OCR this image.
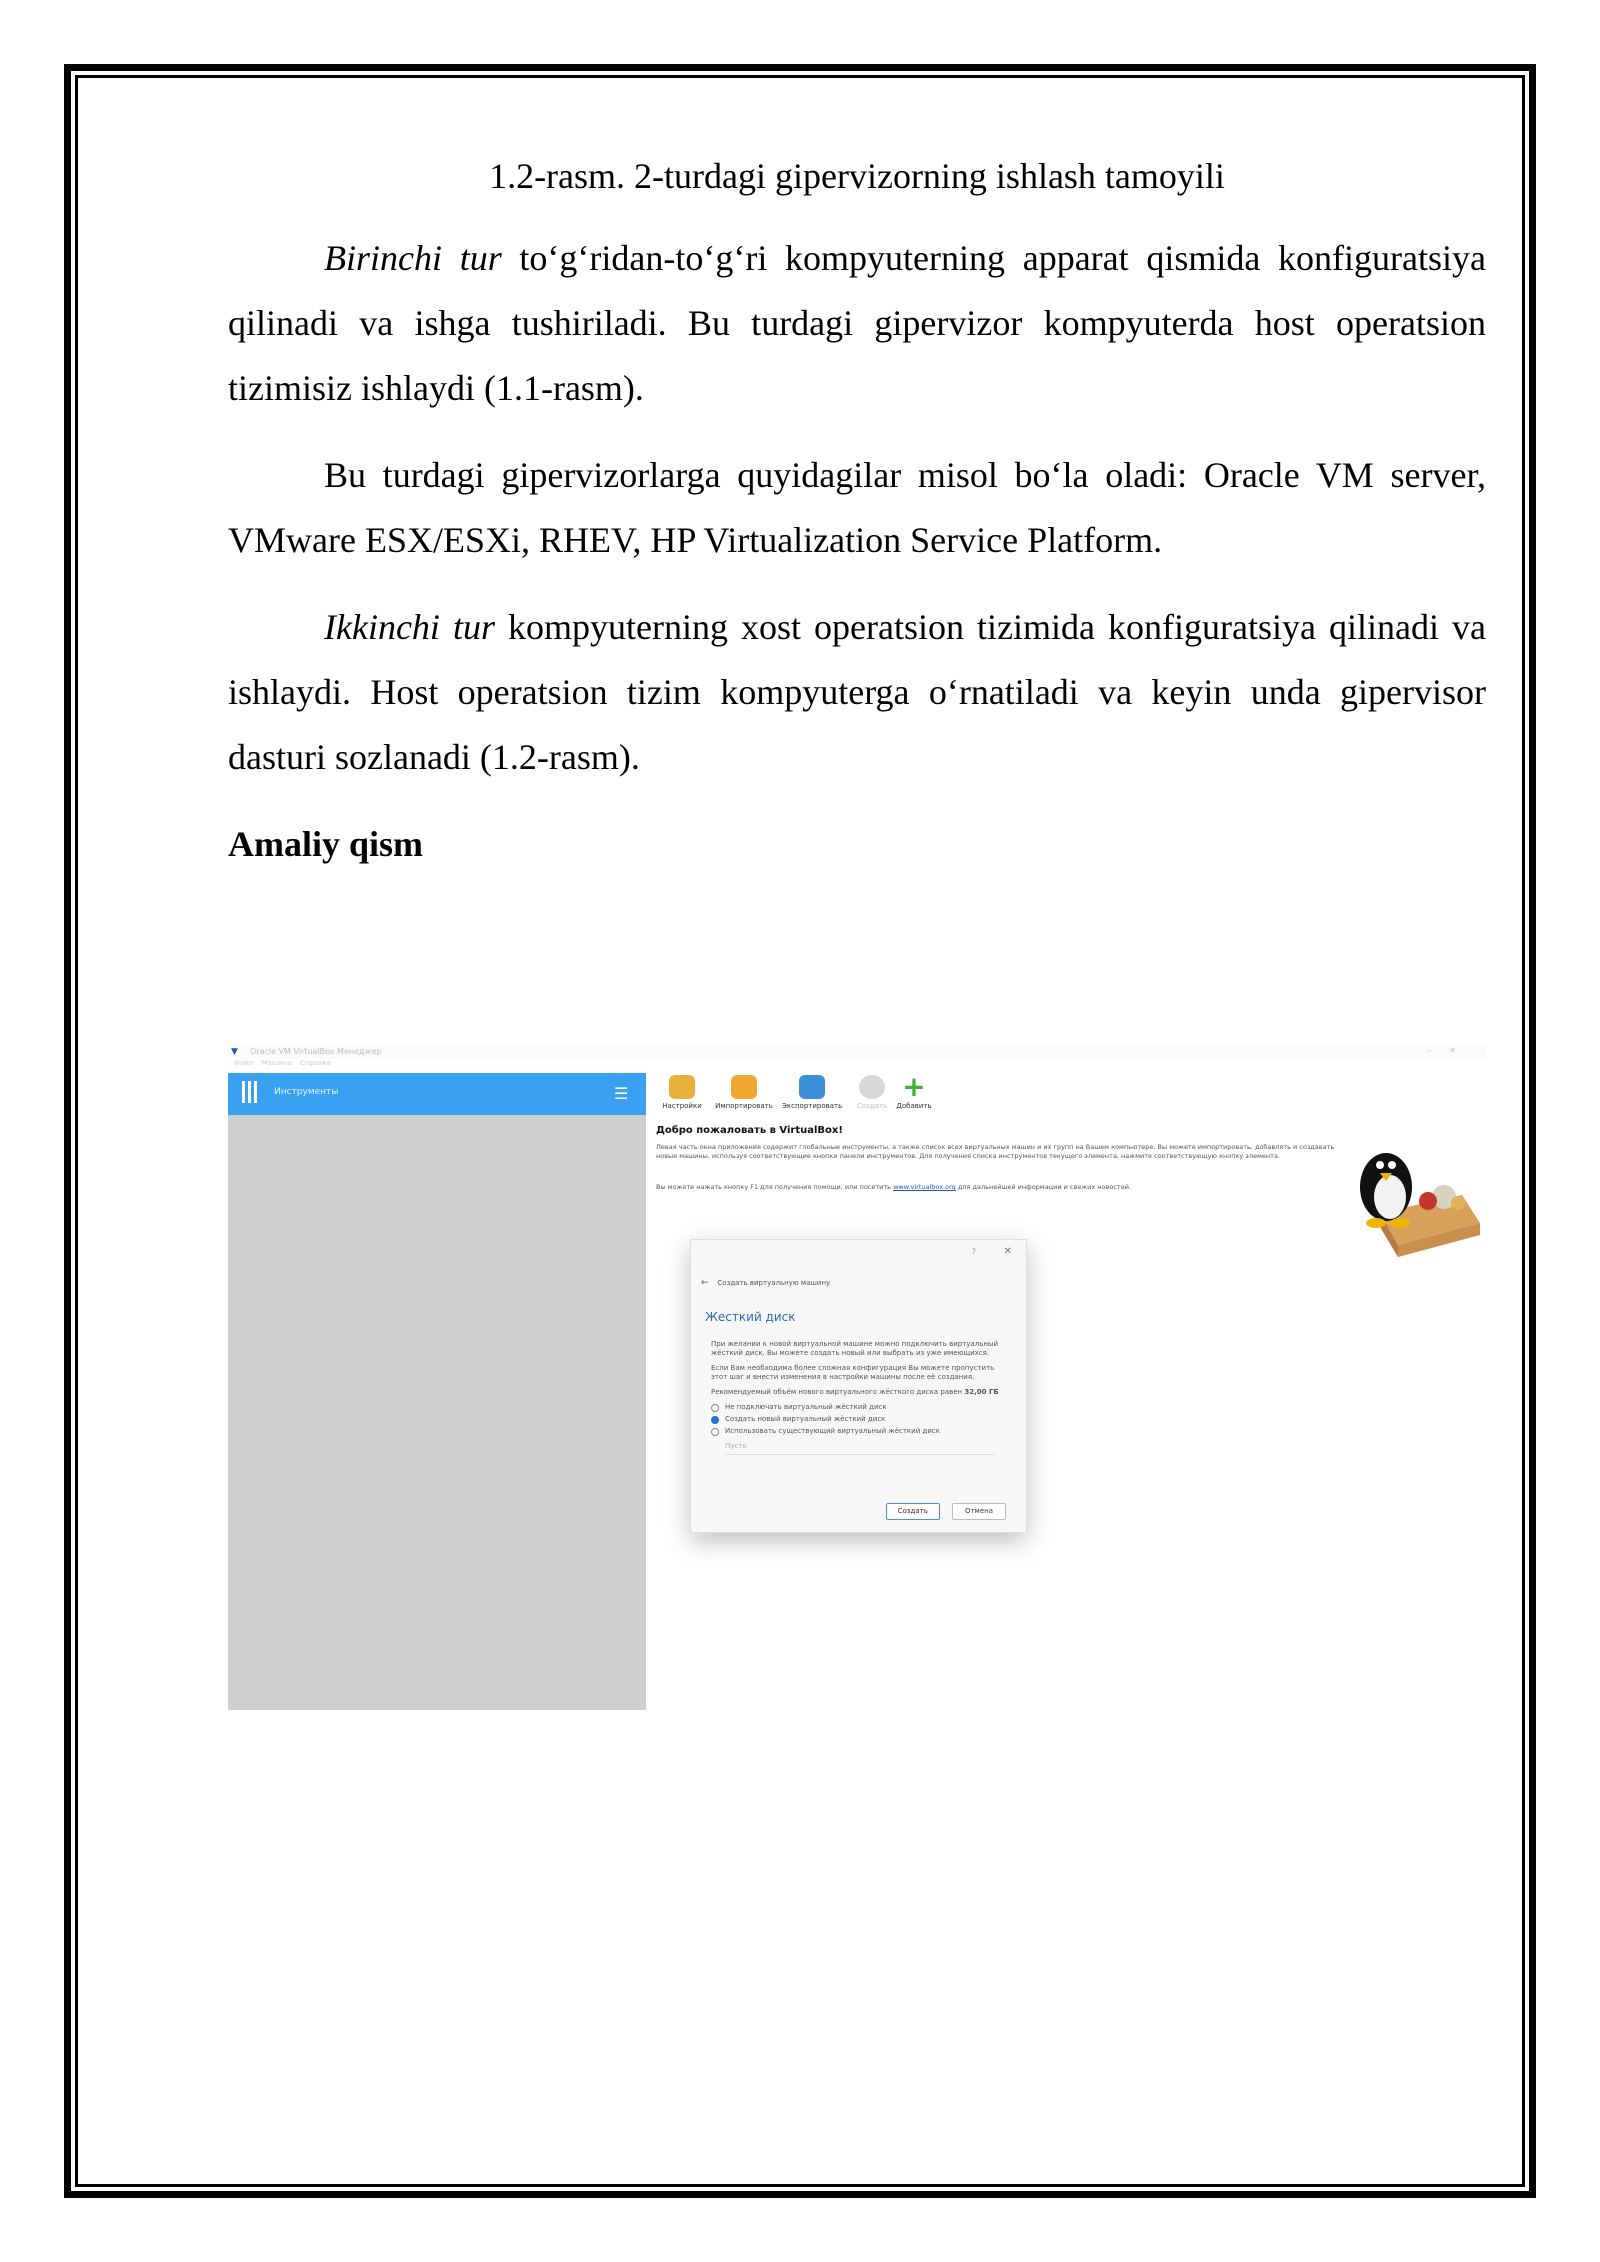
1.2-rasm. 2-turdagi gipervizorning ishlash tamoyili

Birinchi tur to‘g‘ridan-to‘g‘ri kompyuterning apparat qismida konfiguratsiya qilinadi va ishga tushiriladi. Bu turdagi gipervizor kompyuterda host operatsion tizimisiz ishlaydi (1.1-rasm).

Bu turdagi gipervizorlarga quyidagilar misol bo‘la oladi: Oracle VM server, VMware ESX/ESXi, RHEV, HP Virtualization Service Platform.

Ikkinchi tur kompyuterning xost operatsion tizimida konfiguratsiya qilinadi va ishlaydi. Host operatsion tizim kompyuterga o‘rnatiladi va keyin unda gipervisor dasturi sozlanadi (1.2-rasm).

Amaliy qism
▼	Oracle VM VirtualBox Менеджер	–✕
Файл Машина Справка
Инструменты	☰
Настройки	Импортировать Экспортировать	Создать
+
Добавить
Добро пожаловать в VirtualBox!
Левая часть окна приложения содержит глобальные инструменты, а также список всех виртуальных машин и их групп на Вашем компьютере. Вы можете импортировать, добавлять и создавать новые машины, используя соответствующие кнопки панели инструментов. Для получения списка инструментов текущего элемента, нажмите соответствующую кнопку элемента.
Вы можете нажать кнопку F1 для получения помощи, или посетить www.virtualbox.org для дальнейшей информации и свежих новостей.
?	✕
← Создать виртуальную машину
Жесткий диск

При желании к новой виртуальной машине можно подключить виртуальный жёсткий диск. Вы можете создать новый или выбрать из уже имеющихся.

Если Вам необходима более сложная конфигурация Вы можете пропустить этот шаг и внести изменения в настройки машины после её создания.

Рекомендуемый объём нового виртуального жёсткого диска равен 32,00 ГБ

Не подключать виртуальный жёсткий диск
Создать новый виртуальный жёсткий диск
Использовать существующий виртуальный жёсткий диск
Пусто
Создать	Отмена
